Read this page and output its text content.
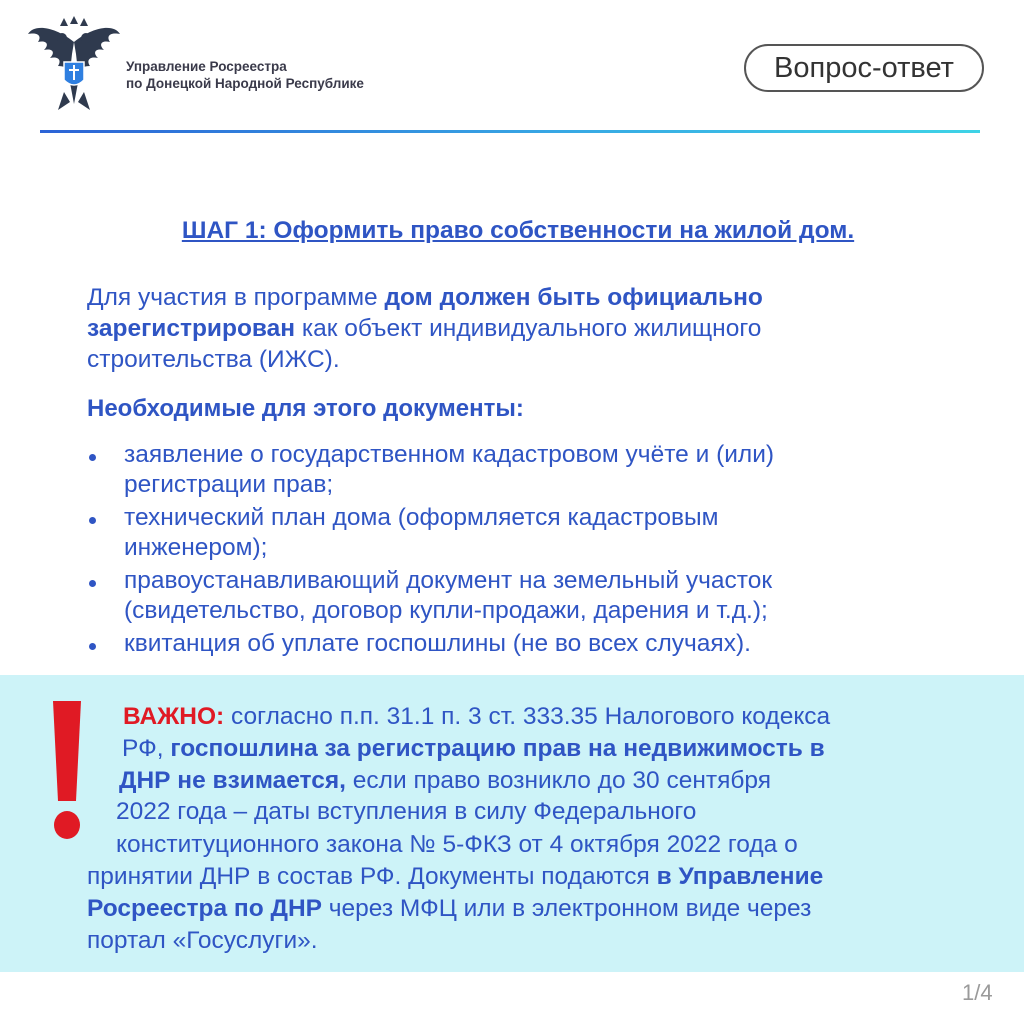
Управление Росреестра
по Донецкой Народной Республике	Вопрос-ответ
ШАГ 1: Оформить право собственности на жилой дом.
Для участия в программе дом должен быть официально
зарегистрирован как объект индивидуального жилищного
строительства (ИЖС).
Необходимые для этого документы:
заявление о государственном кадастровом учёте и (или)
регистрации прав;
технический план дома (оформляется кадастровым
инженером);
правоустанавливающий документ на земельный участок
(свидетельство, договор купли-продажи, дарения и т.д.);
квитанция об уплате госпошлины (не во всех случаях).
ВАЖНО: согласно п.п. 31.1 п. 3 ст. 333.35 Налогового кодекса
РФ, госпошлина за регистрацию прав на недвижимость в
ДНР не взимается, если право возникло до 30 сентября
2022 года – даты вступления в силу Федерального
конституционного закона № 5-ФКЗ от 4 октября 2022 года о
принятии ДНР в состав РФ. Документы подаются в Управление
Росреестра по ДНР через МФЦ или в электронном виде через
портал «Госуслуги».
1/4
